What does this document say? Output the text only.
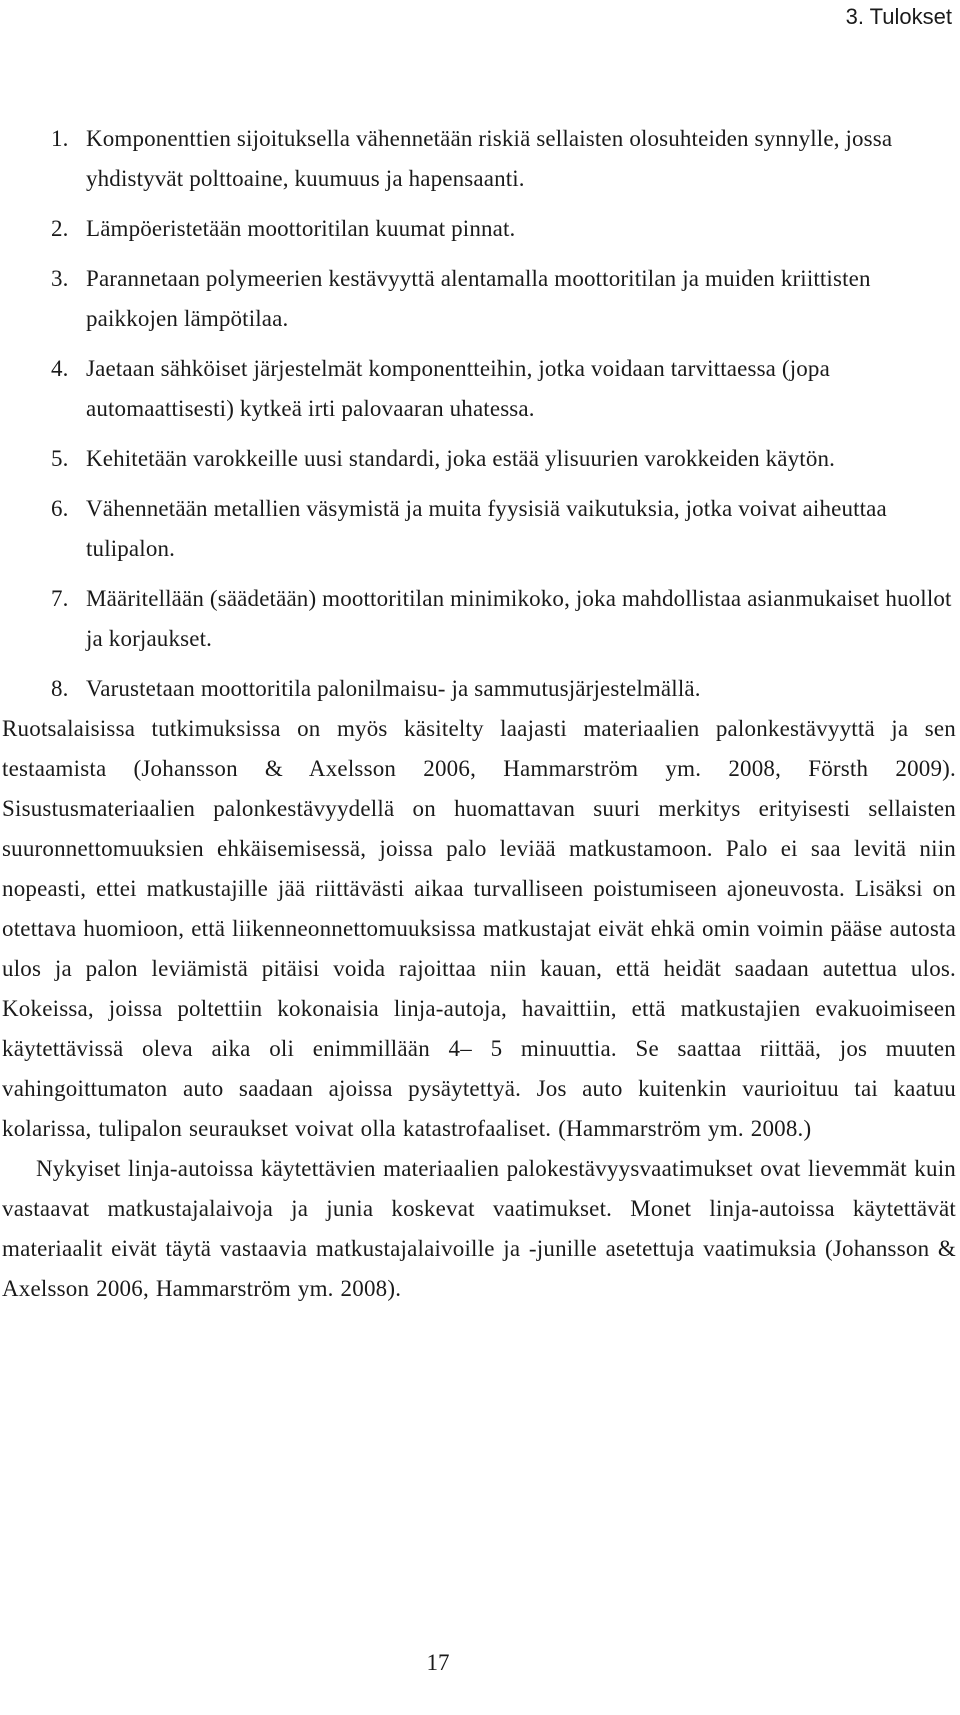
3. Tulokset
1. Komponenttien sijoituksella vähennetään riskiä sellaisten olosuhteiden synnylle, jossa yhdistyvät polttoaine, kuumuus ja hapensaanti.
2. Lämpöeristetään moottoritilan kuumat pinnat.
3. Parannetaan polymeerien kestävyyttä alentamalla moottoritilan ja muiden kriittisten paikkojen lämpötilaa.
4. Jaetaan sähköiset järjestelmät komponentteihin, jotka voidaan tarvittaessa (jopa automaattisesti) kytkeä irti palovaaran uhatessa.
5. Kehitetään varokkeille uusi standardi, joka estää ylisuurien varokkeiden käytön.
6. Vähennetään metallien väsymistä ja muita fyysisiä vaikutuksia, jotka voivat aiheuttaa tulipalon.
7. Määritellään (säädetään) moottoritilan minimikoko, joka mahdollistaa asianmukaiset huollot ja korjaukset.
8. Varustetaan moottoritila palonilmaisu- ja sammutusjärjestelmällä.

Ruotsalaisissa tutkimuksissa on myös käsitelty laajasti materiaalien palonkestävyyttä ja sen testaamista (Johansson & Axelsson 2006, Hammarström ym. 2008, Försth 2009). Sisustusmateriaalien palonkestävyydellä on huomattavan suuri merkitys erityisesti sellaisten suuronnettomuuksien ehkäisemisessä, joissa palo leviää matkustamoon. Palo ei saa levitä niin nopeasti, ettei matkustajille jää riittävästi aikaa turvalliseen poistumiseen ajoneuvosta. Lisäksi on otettava huomioon, että liikenneonnettomuuksissa matkustajat eivät ehkä omin voimin pääse autosta ulos ja palon leviämistä pitäisi voida rajoittaa niin kauan, että heidät saadaan autettua ulos. Kokeissa, joissa poltettiin kokonaisia linja-autoja, havaittiin, että matkustajien evakuoimiseen käytettävissä oleva aika oli enimmillään 4– 5 minuuttia. Se saattaa riittää, jos muuten vahingoittumaton auto saadaan ajoissa pysäytettyä. Jos auto kuitenkin vaurioituu tai kaatuu kolarissa, tulipalon seuraukset voivat olla katastrofaaliset. (Hammarström ym. 2008.)

Nykyiset linja-autoissa käytettävien materiaalien palokestävyysvaatimukset ovat lievemmät kuin vastaavat matkustajalaivoja ja junia koskevat vaatimukset. Monet linja-autoissa käytettävät materiaalit eivät täytä vastaavia matkustajalaivoille ja -junille asetettuja vaatimuksia (Johansson & Axelsson 2006, Hammarström ym. 2008).

17
